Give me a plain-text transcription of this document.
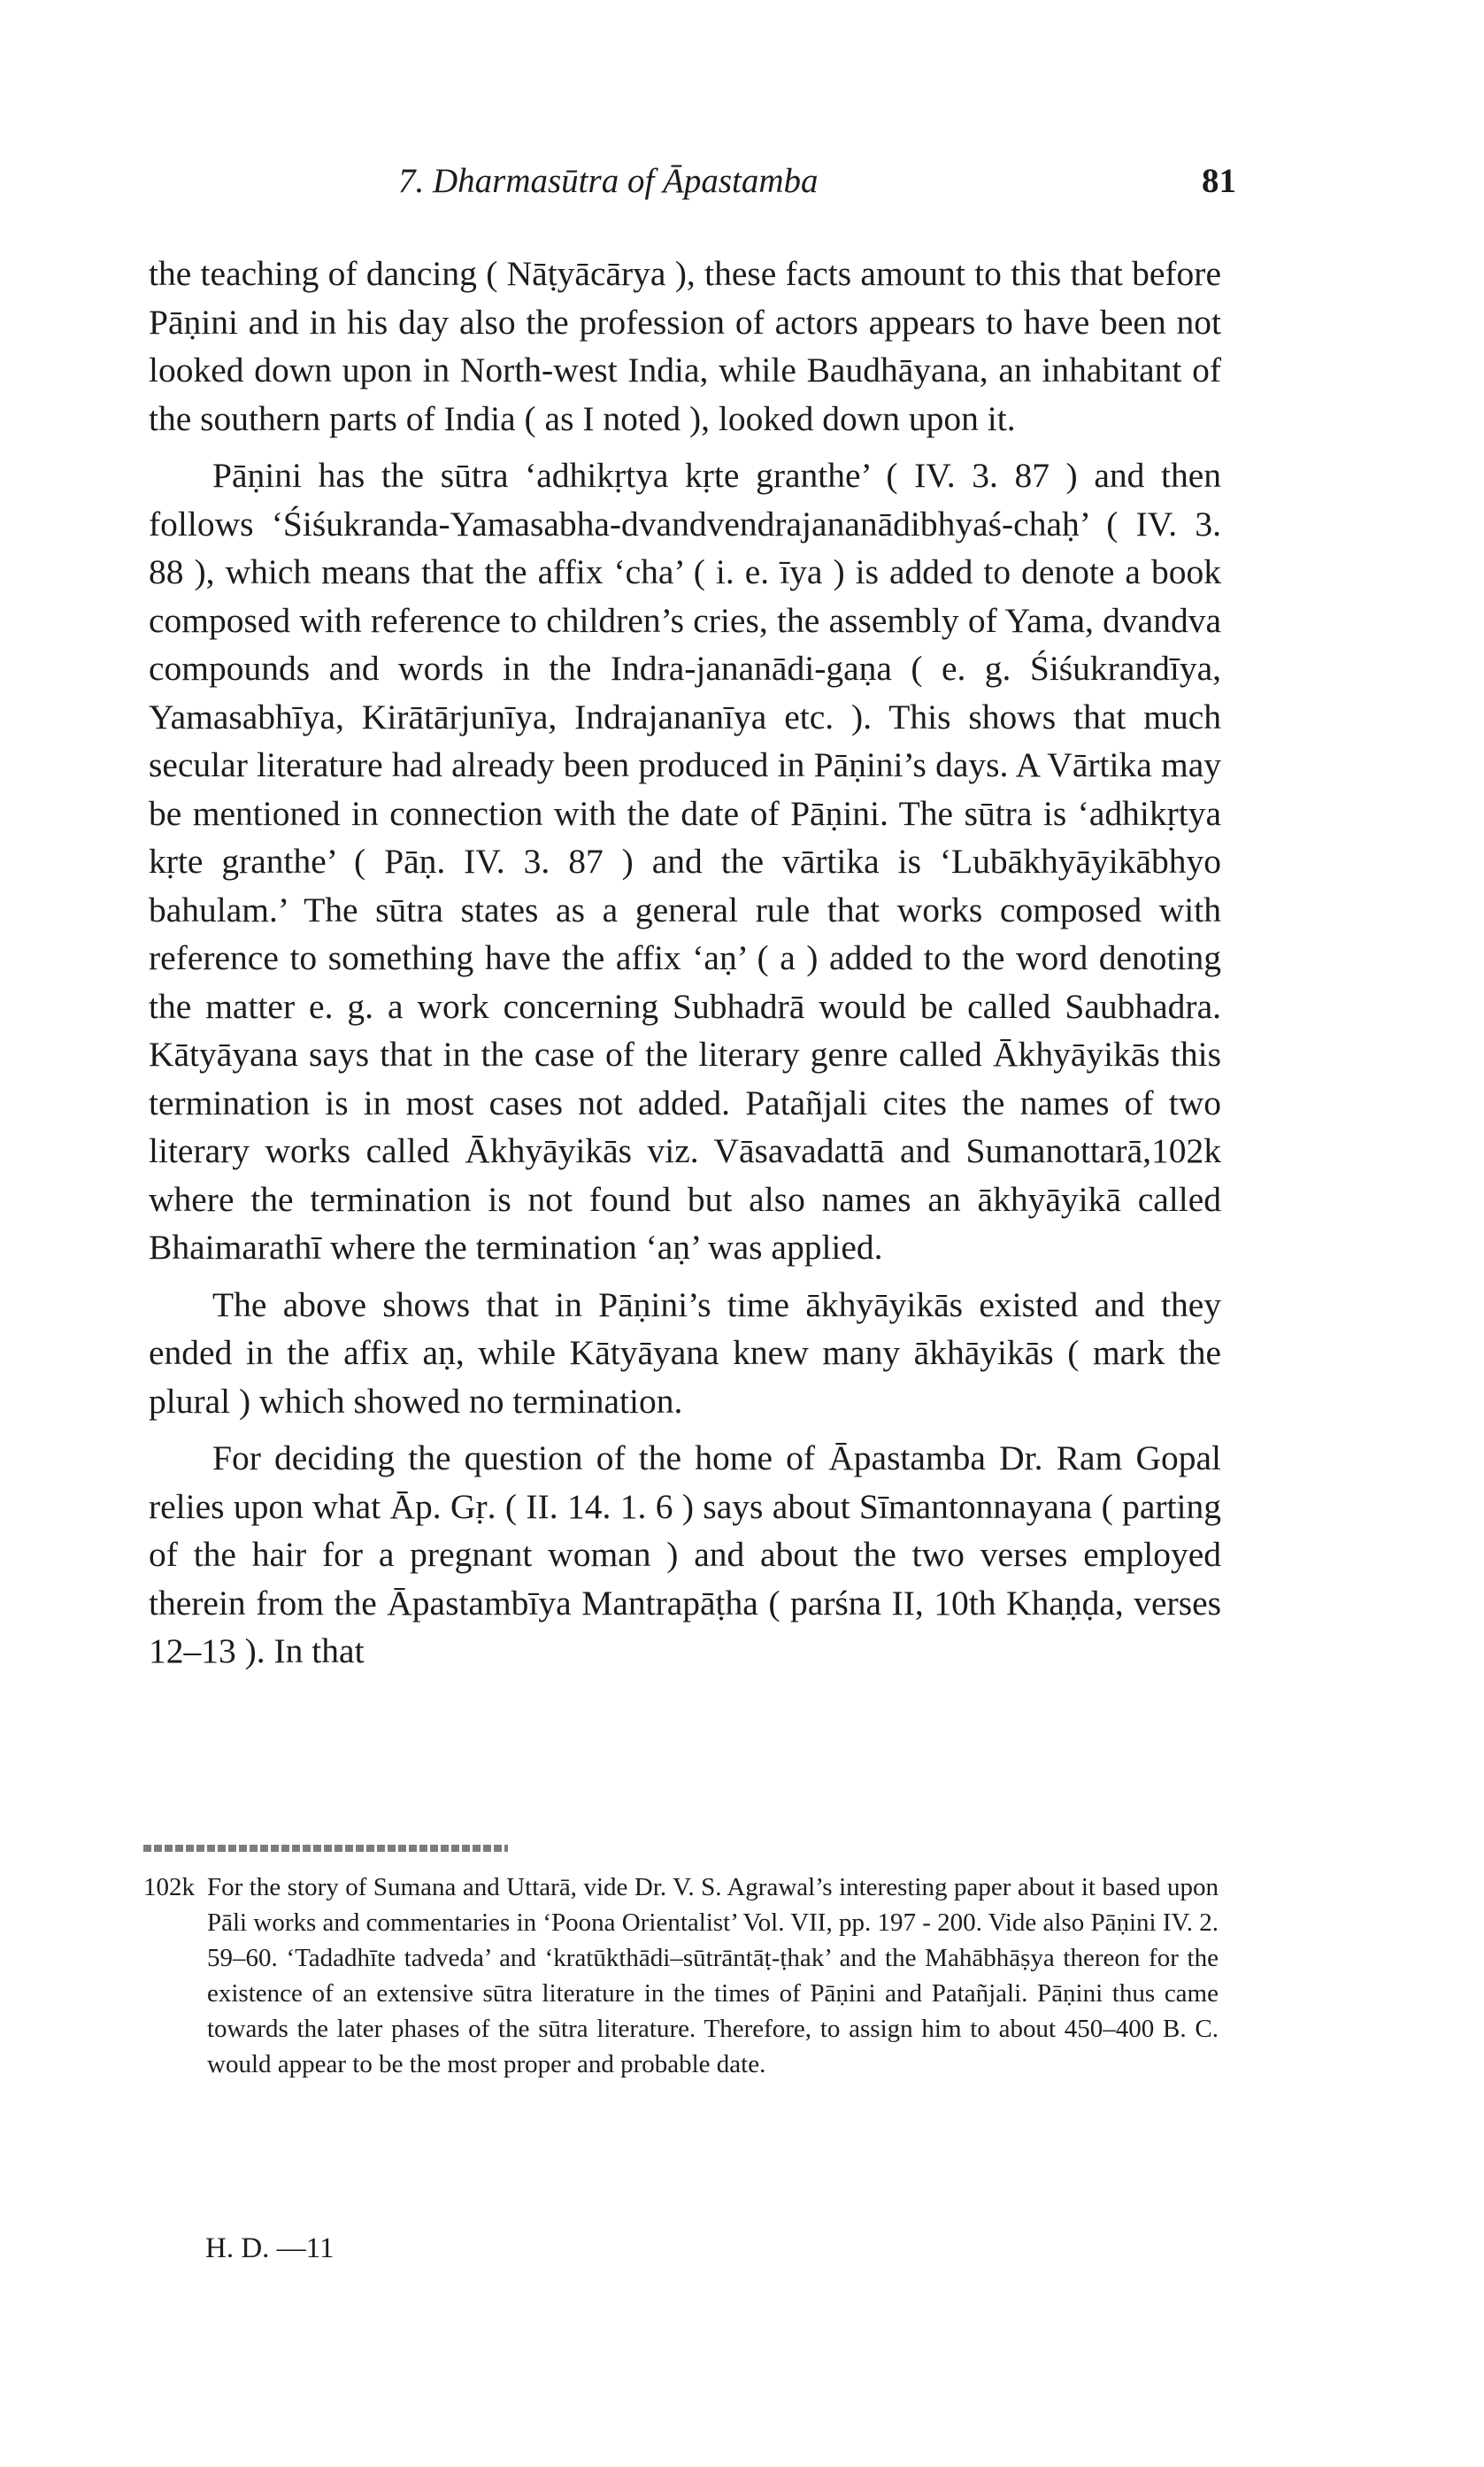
7. Dharmasūtra of Āpastamba	81

the teaching of dancing ( Nāṭyācārya ), these facts amount to this that before Pāṇini and in his day also the profession of actors appears to have been not looked down upon in North-west India, while Baudhāyana, an inhabitant of the southern parts of India ( as I noted ), looked down upon it.

Pāṇini has the sūtra ‘adhikṛtya kṛte granthe’ ( IV. 3. 87 ) and then follows ‘Śiśukranda-Yamasabha-dvandvendrajananādibhyaś-chaḥ’ ( IV. 3. 88 ), which means that the affix ‘cha’ ( i. e. īya ) is added to denote a book composed with reference to children’s cries, the assembly of Yama, dvandva compounds and words in the Indra-jananādi-gaṇa ( e. g. Śiśukrandīya, Yamasabhīya, Kirātārjunīya, Indrajananīya etc. ). This shows that much secular literature had already been produced in Pāṇini’s days. A Vārtika may be mentioned in connection with the date of Pāṇini. The sūtra is ‘adhikṛtya kṛte granthe’ ( Pāṇ. IV. 3. 87 ) and the vārtika is ‘Lubākhyāyikābhyo bahulam.’ The sūtra states as a general rule that works composed with reference to something have the affix ‘aṇ’ ( a ) added to the word denoting the matter e. g. a work concerning Subhadrā would be called Saubhadra. Kātyāyana says that in the case of the literary genre called Ākhyāyikās this termination is in most cases not added. Patañjali cites the names of two literary works called Ākhyāyikās viz. Vāsavadattā and Sumanottarā,102k where the termination is not found but also names an ākhyāyikā called Bhaimarathī where the termination ‘aṇ’ was applied.

The above shows that in Pāṇini’s time ākhyāyikās existed and they ended in the affix aṇ, while Kātyāyana knew many ākhāyikās ( mark the plural ) which showed no termination.

For deciding the question of the home of Āpastamba Dr. Ram Gopal relies upon what Āp. Gṛ. ( II. 14. 1. 6 ) says about Sīmantonnayana ( parting of the hair for a pregnant woman ) and about the two verses employed therein from the Āpastambīya Mantrapāṭha ( parśna II, 10th Khaṇḍa, verses 12–13 ). In that

102k For the story of Sumana and Uttarā, vide Dr. V. S. Agrawal’s interesting paper about it based upon Pāli works and commentaries in ‘Poona Orientalist’ Vol. VII, pp. 197 - 200. Vide also Pāṇini IV. 2. 59–60. ‘Tadadhīte tadveda’ and ‘kratūkthādi–sūtrāntāṭ-ṭhak’ and the Mahābhāṣya thereon for the existence of an extensive sūtra literature in the times of Pāṇini and Patañjali. Pāṇini thus came towards the later phases of the sūtra literature. Therefore, to assign him to about 450–400 B. C. would appear to be the most proper and probable date.
H. D. —11
